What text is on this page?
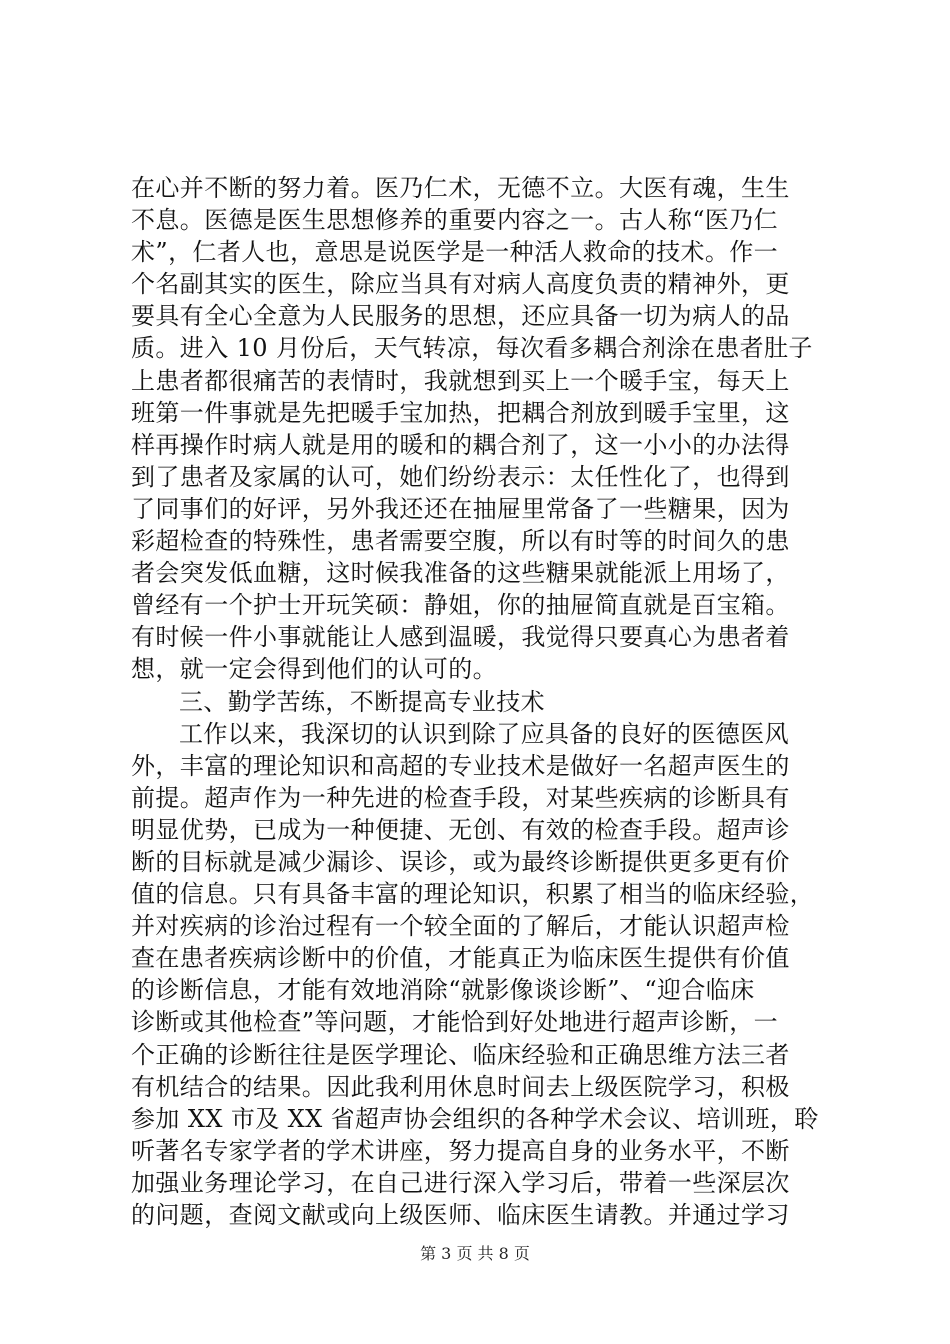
在心并不断的努力着。医乃仁术，无德不立。大医有魂，生生
不息。医德是医生思想修养的重要内容之一。古人称“医乃仁
术”，仁者人也，意思是说医学是一种活人救命的技术。作一
个名副其实的医生，除应当具有对病人高度负责的精神外，更
要具有全心全意为人民服务的思想，还应具备一切为病人的品
质。进入 10 月份后，天气转凉，每次看多耦合剂涂在患者肚子
上患者都很痛苦的表情时，我就想到买上一个暖手宝，每天上
班第一件事就是先把暖手宝加热，把耦合剂放到暖手宝里，这
样再操作时病人就是用的暖和的耦合剂了，这一小小的办法得
到了患者及家属的认可，她们纷纷表示：太任性化了，也得到
了同事们的好评，另外我还还在抽屉里常备了一些糖果，因为
彩超检查的特殊性，患者需要空腹，所以有时等的时间久的患
者会突发低血糖，这时候我准备的这些糖果就能派上用场了，
曾经有一个护士开玩笑硕：静姐，你的抽屉简直就是百宝箱。
有时候一件小事就能让人感到温暖，我觉得只要真心为患者着
想，就一定会得到他们的认可的。
三、勤学苦练，不断提高专业技术
工作以来，我深切的认识到除了应具备的良好的医德医风
外，丰富的理论知识和高超的专业技术是做好一名超声医生的
前提。超声作为一种先进的检查手段，对某些疾病的诊断具有
明显优势，已成为一种便捷、无创、有效的检查手段。超声诊
断的目标就是减少漏诊、误诊，或为最终诊断提供更多更有价
值的信息。只有具备丰富的理论知识，积累了相当的临床经验，
并对疾病的诊治过程有一个较全面的了解后，才能认识超声检
查在患者疾病诊断中的价值，才能真正为临床医生提供有价值
的诊断信息，才能有效地消除“就影像谈诊断”、“迎合临床
诊断或其他检查”等问题，才能恰到好处地进行超声诊断，一
个正确的诊断往往是医学理论、临床经验和正确思维方法三者
有机结合的结果。因此我利用休息时间去上级医院学习，积极
参加 XX 市及 XX 省超声协会组织的各种学术会议、培训班，聆
听著名专家学者的学术讲座，努力提高自身的业务水平，不断
加强业务理论学习，在自己进行深入学习后，带着一些深层次
的问题，查阅文献或向上级医师、临床医生请教。并通过学习
第 3 页 共 8 页
